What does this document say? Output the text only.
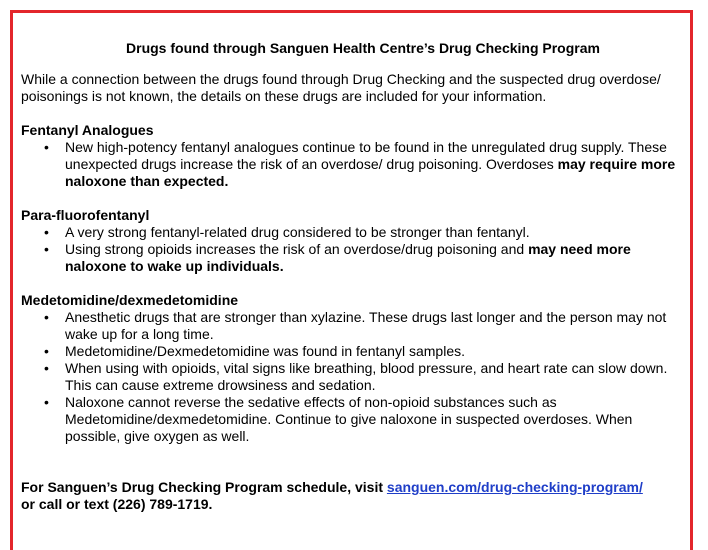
Drugs found through Sanguen Health Centre’s Drug Checking Program
While a connection between the drugs found through Drug Checking and the suspected drug overdose/ poisonings is not known, the details on these drugs are included for your information.
Fentanyl Analogues
• New high-potency fentanyl analogues continue to be found in the unregulated drug supply. These unexpected drugs increase the risk of an overdose/ drug poisoning. Overdoses may require more naloxone than expected.
Para-fluorofentanyl
• A very strong fentanyl-related drug considered to be stronger than fentanyl.
• Using strong opioids increases the risk of an overdose/drug poisoning and may need more naloxone to wake up individuals.
Medetomidine/dexmedetomidine
• Anesthetic drugs that are stronger than xylazine. These drugs last longer and the person may not wake up for a long time.
• Medetomidine/Dexmedetomidine was found in fentanyl samples.
• When using with opioids, vital signs like breathing, blood pressure, and heart rate can slow down. This can cause extreme drowsiness and sedation.
• Naloxone cannot reverse the sedative effects of non-opioid substances such as Medetomidine/dexmedetomidine. Continue to give naloxone in suspected overdoses. When possible, give oxygen as well.
For Sanguen’s Drug Checking Program schedule, visit sanguen.com/drug-checking-program/
or call or text (226) 789-1719.
